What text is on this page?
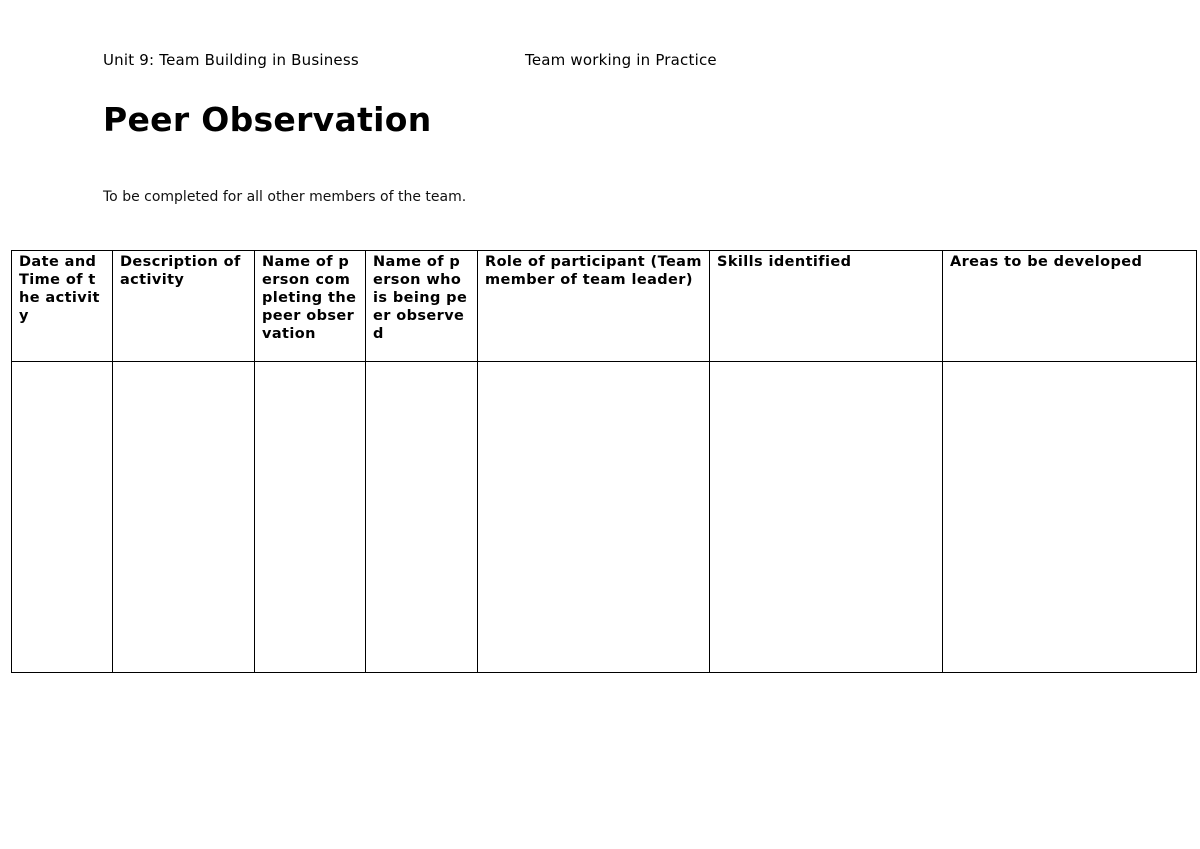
Unit 9: Team Building in Business	Team working in Practice
Peer Observation
To be completed for all other members of the team.
Date and Time of the activity	Description of activity	Name of person completing the peer observation	Name of person who is being peer observed	Role of participant (Team member of team leader)	Skills identified	Areas to be developed
